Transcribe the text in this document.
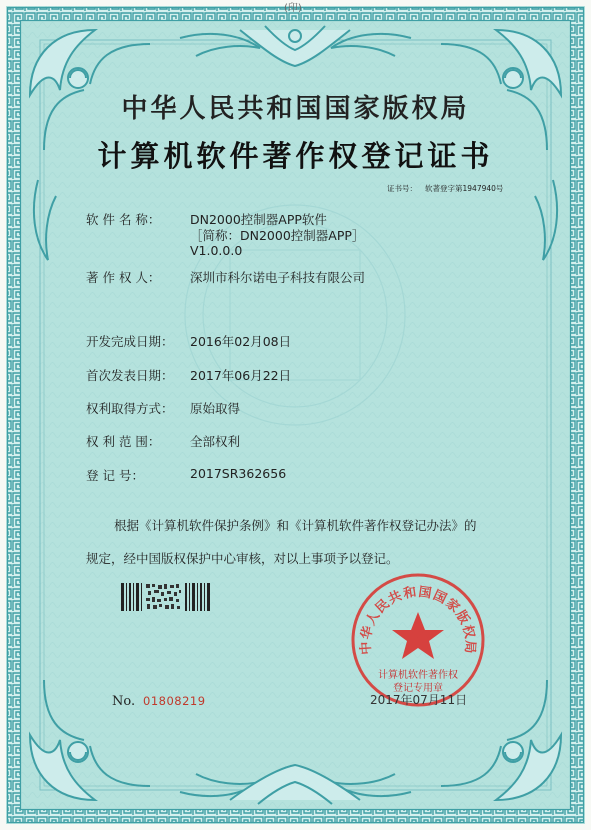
(印)
中华人民共和国国家版权局
计算机软件著作权登记证书
证书号： 软著登字第1947940号
软 件 名 称： DN2000控制器APP软件
［简称：DN2000控制器APP］
V1.0.0.0
著 作 权 人： 深圳市科尔诺电子科技有限公司
开发完成日期： 2016年02月08日
首次发表日期： 2017年06月22日
权利取得方式： 原始取得
权 利 范 围： 全部权利
登 记 号：	2017SR362656
根据《计算机软件保护条例》和《计算机软件著作权登记办法》的
规定，经中国版权保护中心审核，对以上事项予以登记。
No. 01808219
中华人民共和国国家版权局
计算机软件著作权
登记专用章
2017年07月11日
